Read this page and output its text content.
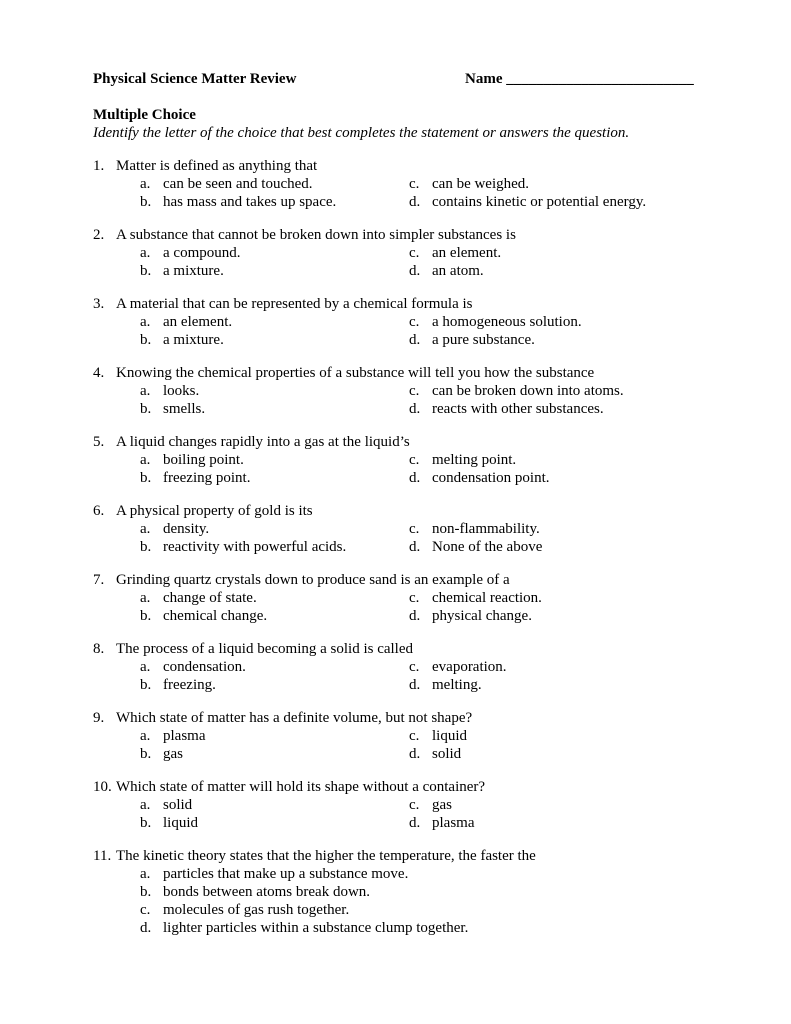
Physical Science Matter Review	Name _________________________
Multiple Choice
Identify the letter of the choice that best completes the statement or answers the question.
1. Matter is defined as anything that
a. can be seen and touched.	c. can be weighed.
b. has mass and takes up space.	d. contains kinetic or potential energy.
2. A substance that cannot be broken down into simpler substances is
a. a compound.	c. an element.
b. a mixture.	d. an atom.
3. A material that can be represented by a chemical formula is
a. an element.	c. a homogeneous solution.
b. a mixture.	d. a pure substance.
4. Knowing the chemical properties of a substance will tell you how the substance
a. looks.	c. can be broken down into atoms.
b. smells.	d. reacts with other substances.
5. A liquid changes rapidly into a gas at the liquid’s
a. boiling point.	c. melting point.
b. freezing point.	d. condensation point.
6. A physical property of gold is its
a. density.	c. non-flammability.
b. reactivity with powerful acids.	d. None of the above
7. Grinding quartz crystals down to produce sand is an example of a
a. change of state.	c. chemical reaction.
b. chemical change.	d. physical change.
8. The process of a liquid becoming a solid is called
a. condensation.	c. evaporation.
b. freezing.	d. melting.
9. Which state of matter has a definite volume, but not shape?
a. plasma	c. liquid
b. gas	d. solid
10. Which state of matter will hold its shape without a container?
a. solid	c. gas
b. liquid	d. plasma
11. The kinetic theory states that the higher the temperature, the faster the
a. particles that make up a substance move.
b. bonds between atoms break down.
c. molecules of gas rush together.
d. lighter particles within a substance clump together.
